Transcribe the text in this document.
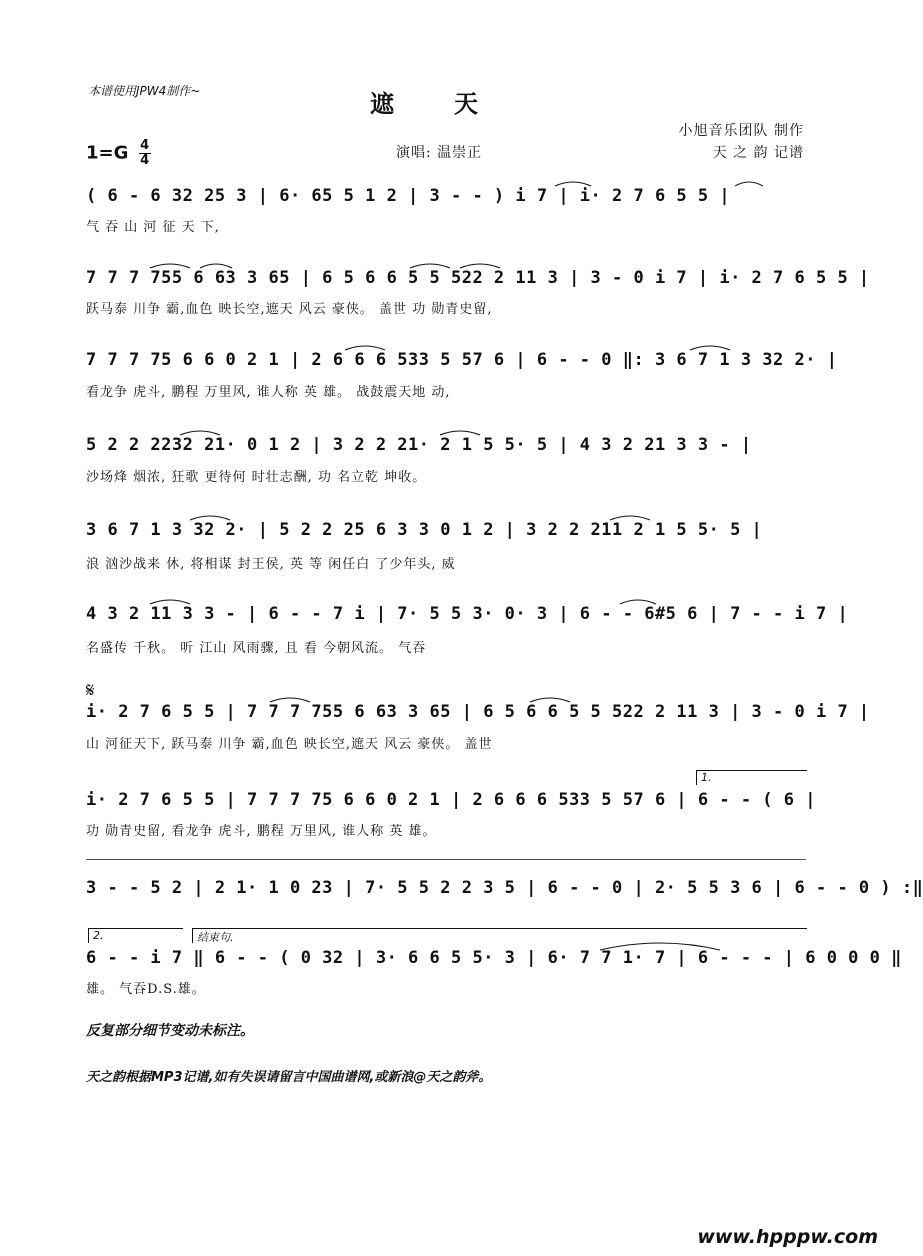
本谱使用JPW4制作~	遮天
小旭音乐团队 制作
天 之 韵 记谱
$1=G \frac{4}{4}$	演唱: 温崇正
( 6 - 6 32 25 3 | 6· 65 5 1 2 | 3 - - ) i 7 | i· 2 7 6 5 5 |
气 吞 山 河 征 天 下,
7 7 7 755 6 63 3 65 | 6 5 6 6 5 5 522 2 11 3 | 3 - 0 i 7 | i· 2 7 6 5 5 |
跃马泰 川争 霸,血色 映长空,遮天 风云 豪侠。 盖世 功 勋青史留,
7 7 7 75 6 6 0 2 1 | 2 6 6 6 533 5 57 6 | 6 - - 0 ‖: 3 6 7 1 3 32 2· |
看龙争 虎斗, 鹏程 万里风, 谁人称 英 雄。 战鼓震天地 动,
5 2 2 2232 21· 0 1 2 | 3 2 2 21· 2 1 5 5· 5 | 4 3 2 21 3 3 - |
沙场烽 烟浓, 狂歌 更待何 时壮志酬, 功 名立乾 坤收。
3 6 7 1 3 32 2· | 5 2 2 25 6 3 3 0 1 2 | 3 2 2 211 2 1 5 5· 5 |
浪 汹沙战来 休, 将相谋 封王侯, 英 等 闲任白 了少年头, 威
4 3 2 11 3 3 - | 6 - - 7 i | 7· 5 5 3· 0· 3 | 6 - - 6#5 6 | 7 - - i 7 |
名盛传 千秋。 听 江山 风雨骤, 且 看 今朝风流。 气吞
𝄋
i· 2 7 6 5 5 | 7 7 7 755 6 63 3 65 | 6 5 6 6 5 5 522 2 11 3 | 3 - 0 i 7 |
山 河征天下, 跃马泰 川争 霸,血色 映长空,遮天 风云 豪侠。 盖世
1.
i· 2 7 6 5 5 | 7 7 7 75 6 6 0 2 1 | 2 6 6 6 533 5 57 6 | 6 - - ( 6 |
功 勋青史留, 看龙争 虎斗, 鹏程 万里风, 谁人称 英 雄。
3 - - 5 2 | 2 1· 1 0 23 | 7· 5 5 2 2 3 5 | 6 - - 0 | 2· 5 5 3 6 | 6 - - 0 ) :‖
2.	结束句.
6 - - i 7 ‖ 6 - - ( 0 32 | 3· 6 6 5 5· 3 | 6· 7 7 1· 7 | 6 - - - | 6 0 0 0 ‖
雄。 气吞D.S.雄。
反复部分细节变动未标注。
天之韵根据MP3记谱,如有失误请留言中国曲谱网,或新浪@天之韵斧。
www.hpppw.com
